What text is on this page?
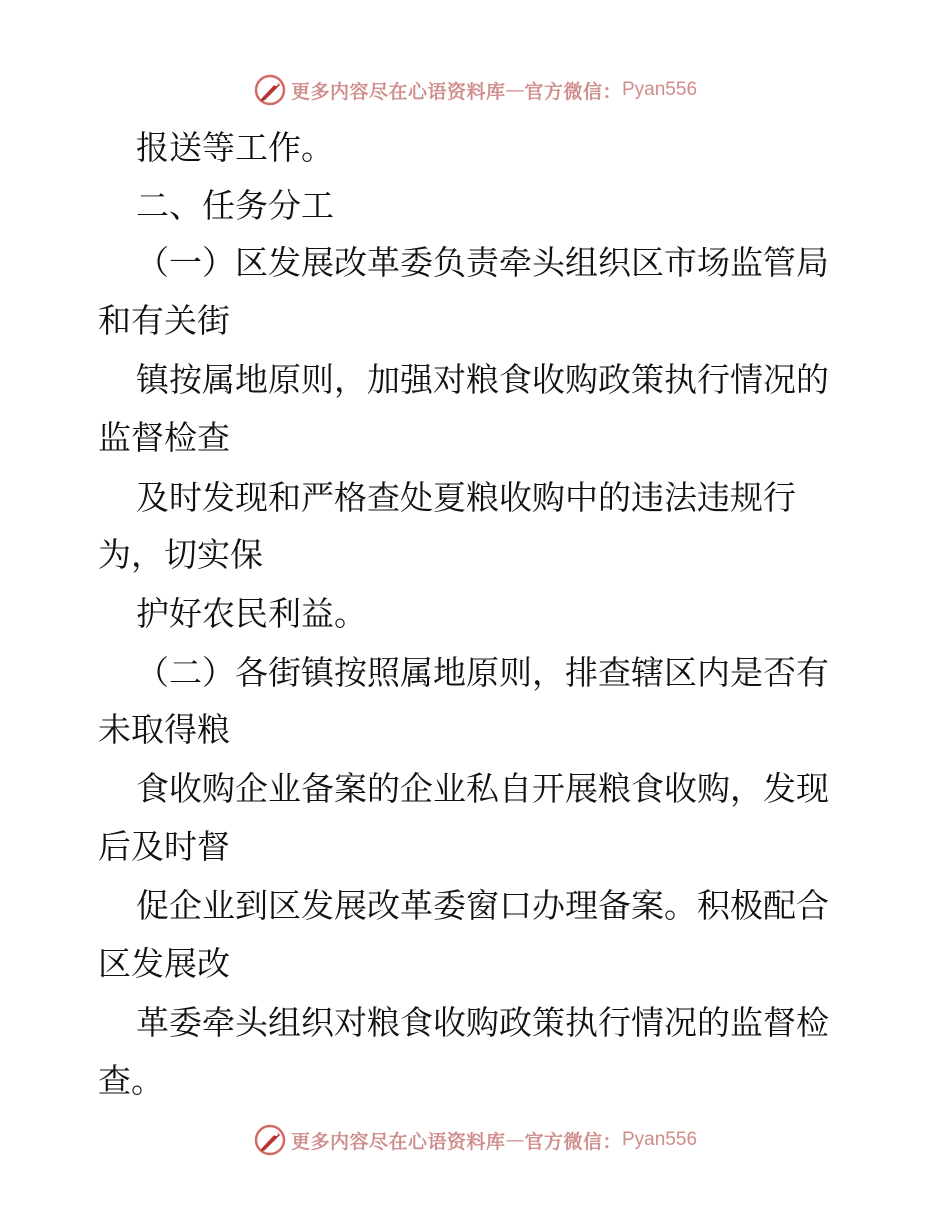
更多内容尽在心语资料库 — 官方微信： Pyan556
报送等工作。
二、任务分工
（一）区发展改革委负责牵头组织区市场监管局
和有关街
镇按属地原则，加强对粮食收购政策执行情况的
监督检查
及时发现和严格查处夏粮收购中的违法违规行
为，切实保
护好农民利益。
（二）各街镇按照属地原则，排查辖区内是否有
未取得粮
食收购企业备案的企业私自开展粮食收购，发现
后及时督
促企业到区发展改革委窗口办理备案。积极配合
区发展改
革委牵头组织对粮食收购政策执行情况的监督检
查。
更多内容尽在心语资料库 — 官方微信： Pyan556
